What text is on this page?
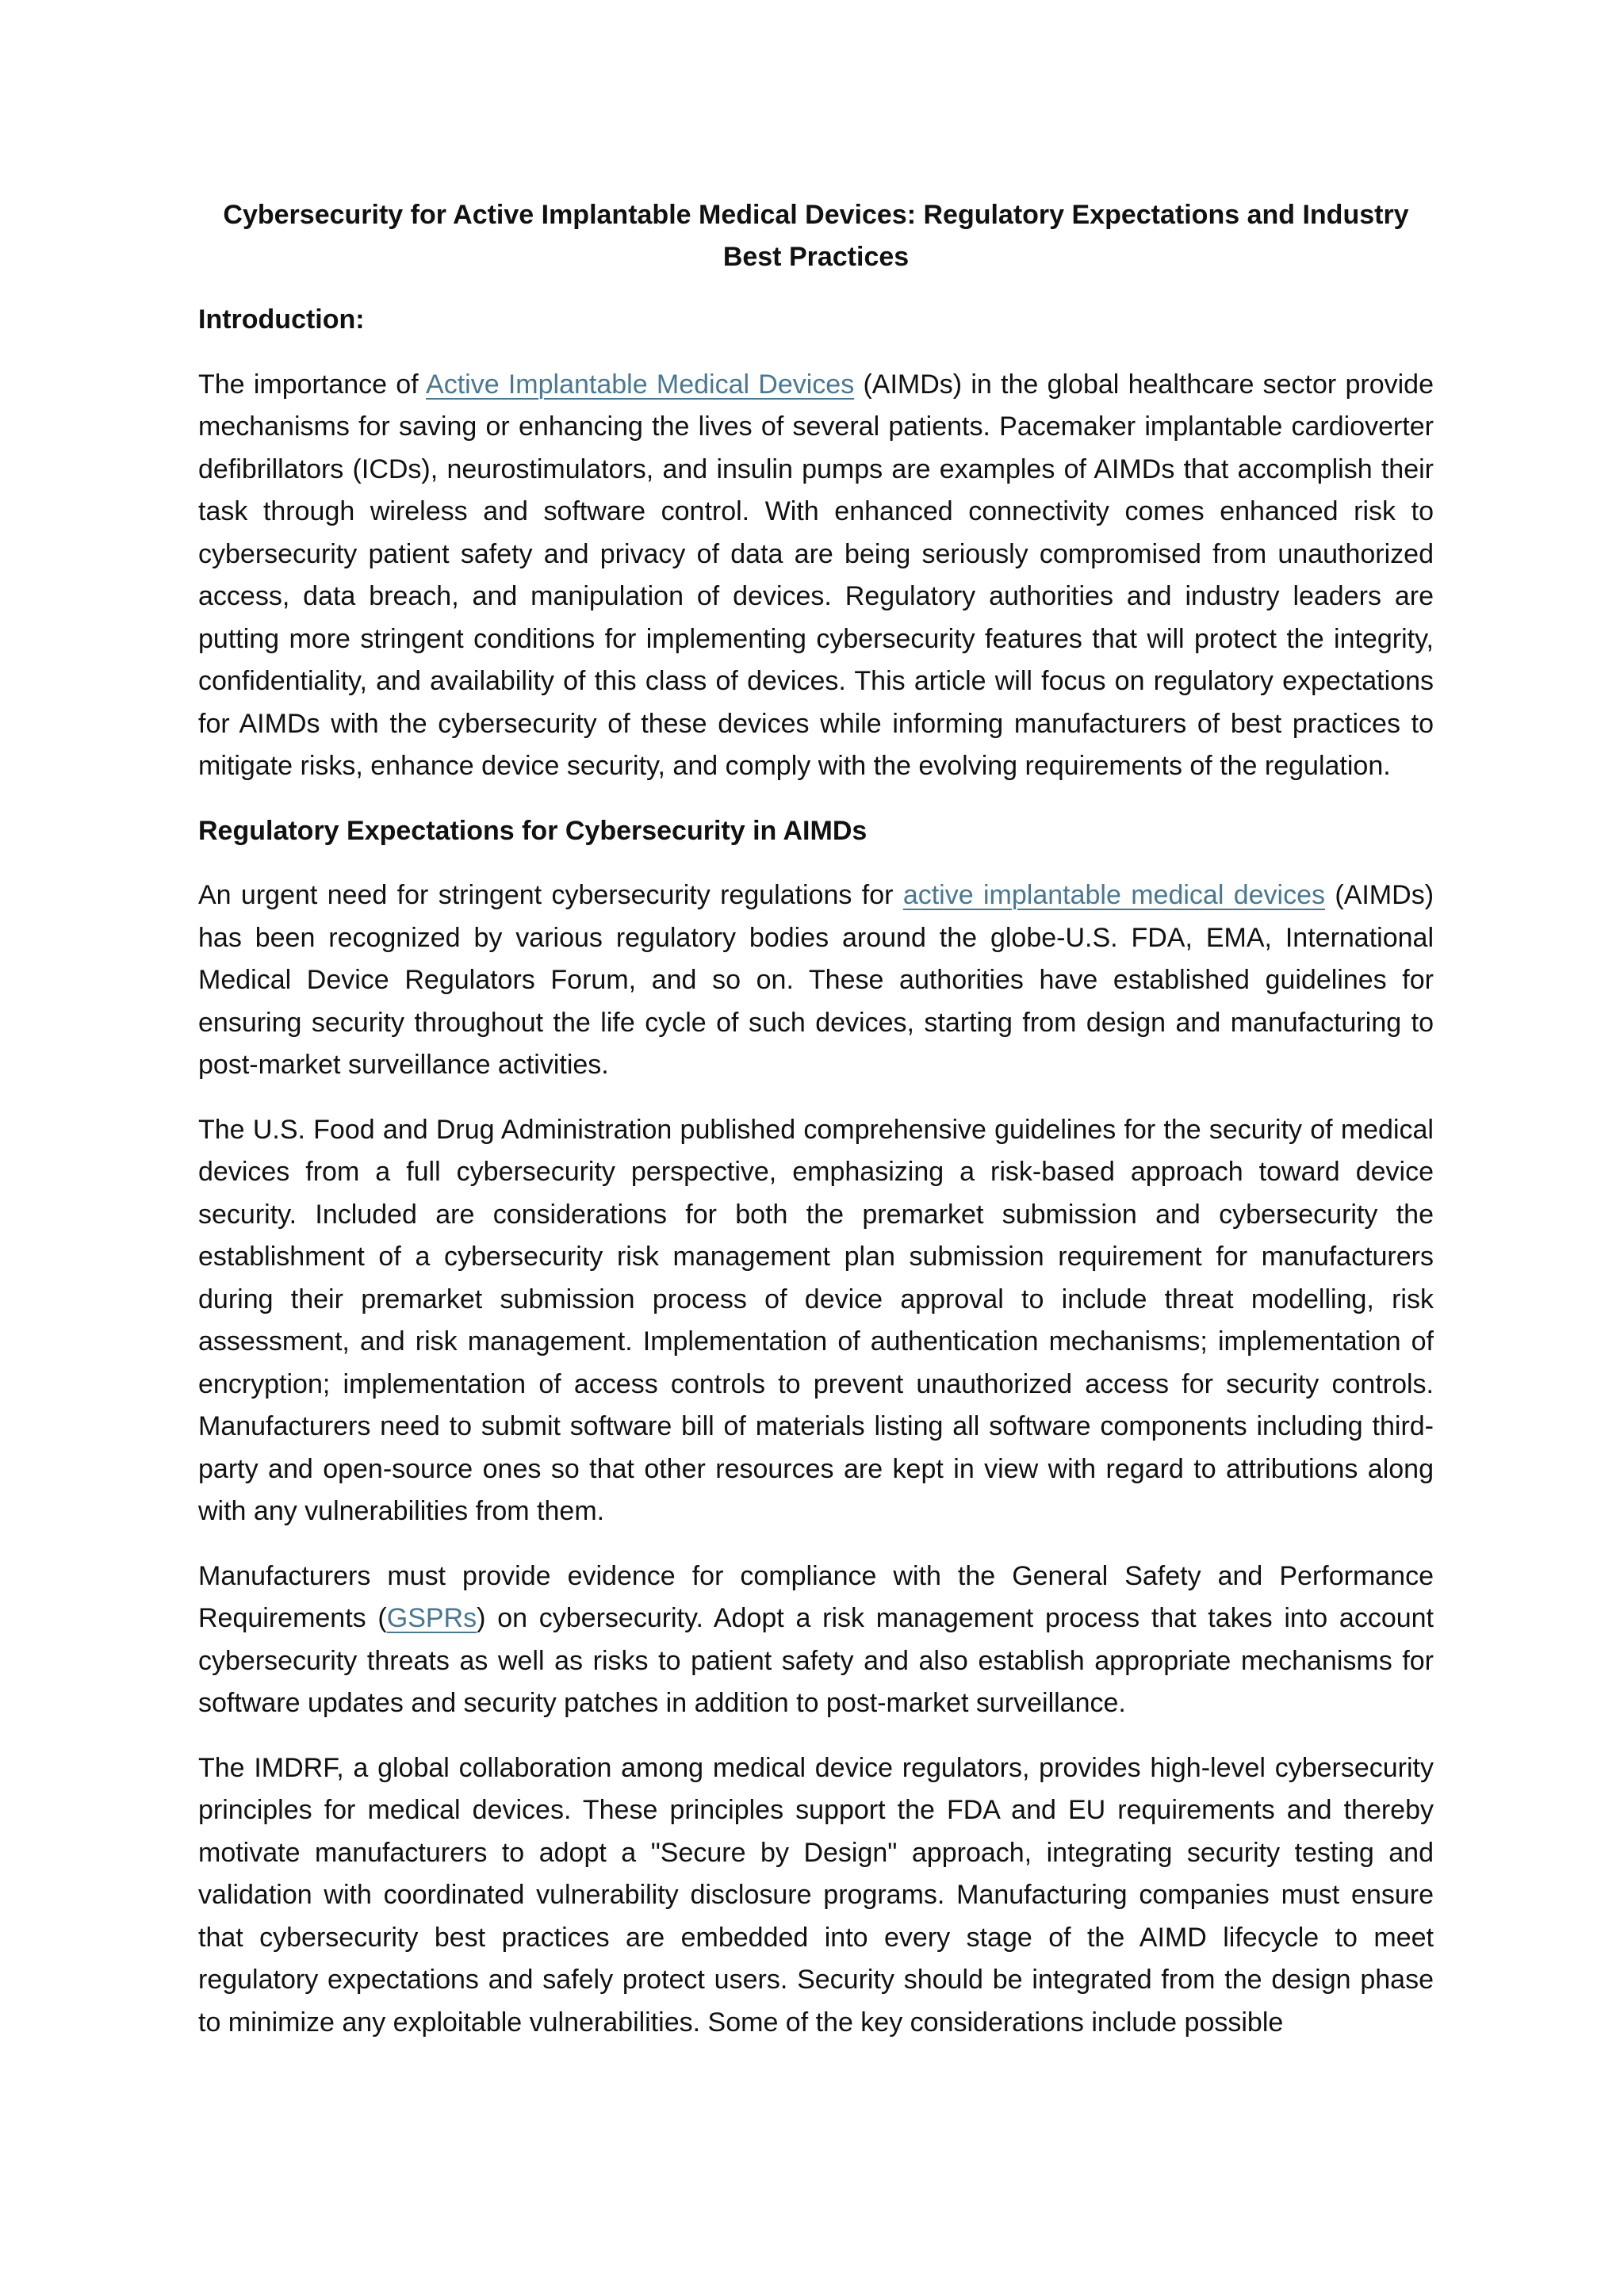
Cybersecurity for Active Implantable Medical Devices: Regulatory Expectations and Industry Best Practices
Introduction:
The importance of Active Implantable Medical Devices (AIMDs) in the global healthcare sector provide mechanisms for saving or enhancing the lives of several patients. Pacemaker implantable cardioverter defibrillators (ICDs), neurostimulators, and insulin pumps are examples of AIMDs that accomplish their task through wireless and software control. With enhanced connectivity comes enhanced risk to cybersecurity patient safety and privacy of data are being seriously compromised from unauthorized access, data breach, and manipulation of devices. Regulatory authorities and industry leaders are putting more stringent conditions for implementing cybersecurity features that will protect the integrity, confidentiality, and availability of this class of devices. This article will focus on regulatory expectations for AIMDs with the cybersecurity of these devices while informing manufacturers of best practices to mitigate risks, enhance device security, and comply with the evolving requirements of the regulation.
Regulatory Expectations for Cybersecurity in AIMDs
An urgent need for stringent cybersecurity regulations for active implantable medical devices (AIMDs) has been recognized by various regulatory bodies around the globe-U.S. FDA, EMA, International Medical Device Regulators Forum, and so on. These authorities have established guidelines for ensuring security throughout the life cycle of such devices, starting from design and manufacturing to post-market surveillance activities.
The U.S. Food and Drug Administration published comprehensive guidelines for the security of medical devices from a full cybersecurity perspective, emphasizing a risk-based approach toward device security. Included are considerations for both the premarket submission and cybersecurity the establishment of a cybersecurity risk management plan submission requirement for manufacturers during their premarket submission process of device approval to include threat modelling, risk assessment, and risk management. Implementation of authentication mechanisms; implementation of encryption; implementation of access controls to prevent unauthorized access for security controls. Manufacturers need to submit software bill of materials listing all software components including third-party and open-source ones so that other resources are kept in view with regard to attributions along with any vulnerabilities from them.
Manufacturers must provide evidence for compliance with the General Safety and Performance Requirements (GSPRs) on cybersecurity. Adopt a risk management process that takes into account cybersecurity threats as well as risks to patient safety and also establish appropriate mechanisms for software updates and security patches in addition to post-market surveillance.
The IMDRF, a global collaboration among medical device regulators, provides high-level cybersecurity principles for medical devices. These principles support the FDA and EU requirements and thereby motivate manufacturers to adopt a "Secure by Design" approach, integrating security testing and validation with coordinated vulnerability disclosure programs. Manufacturing companies must ensure that cybersecurity best practices are embedded into every stage of the AIMD lifecycle to meet regulatory expectations and safely protect users. Security should be integrated from the design phase to minimize any exploitable vulnerabilities. Some of the key considerations include possible
